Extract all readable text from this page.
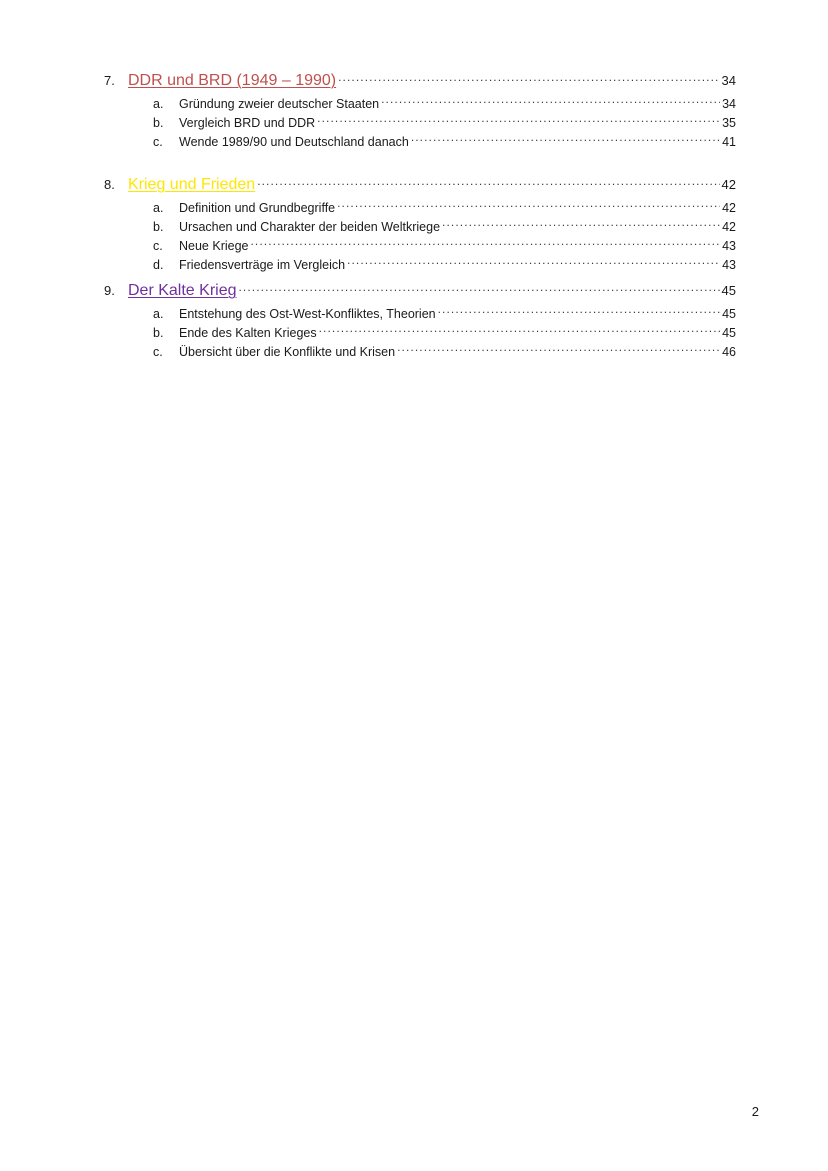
7. DDR und BRD (1949 – 1990) .....	34
a.	Gründung zweier deutscher Staaten .....	34
b.	Vergleich BRD und DDR .....	35
c.	Wende 1989/90 und Deutschland danach .....	41
8. Krieg und Frieden .....	42
a.	Definition und Grundbegriffe .....	42
b.	Ursachen und Charakter der beiden Weltkriege .....	42
c.	Neue Kriege .....	43
d.	Friedensverträge im Vergleich .....	43
9. Der Kalte Krieg .....	45
a.	Entstehung des Ost-West-Konfliktes, Theorien .....	45
b.	Ende des Kalten Krieges .....	45
c.	Übersicht über die Konflikte und Krisen .....	46
2
